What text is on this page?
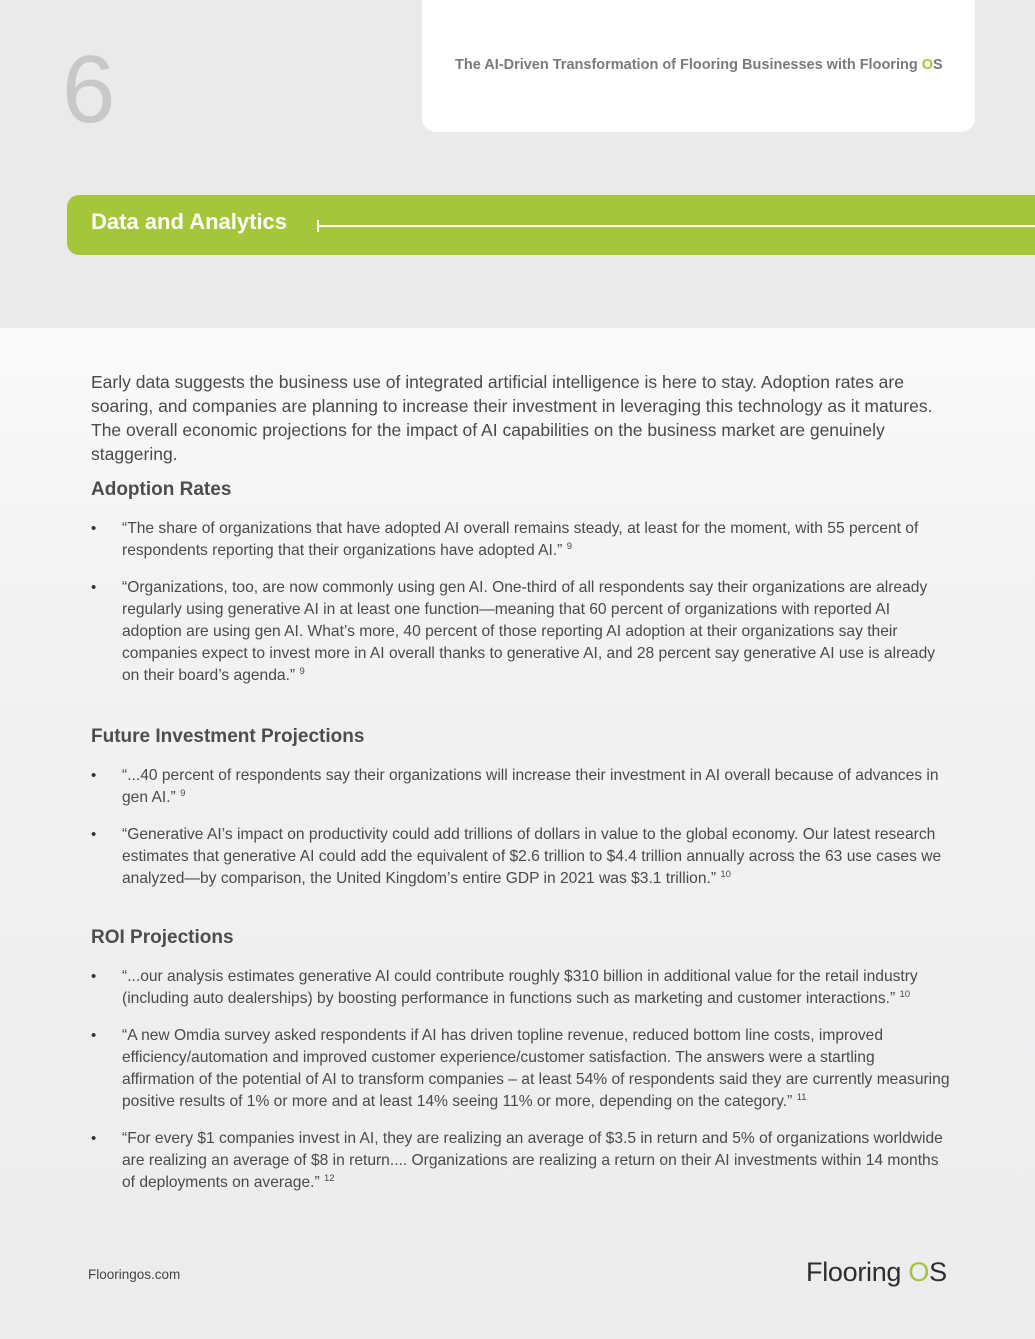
6	The AI-Driven Transformation of Flooring Businesses with Flooring OS
Data and Analytics
Early data suggests the business use of integrated artificial intelligence is here to stay. Adoption rates are soaring, and companies are planning to increase their investment in leveraging this technology as it matures. The overall economic projections for the impact of AI capabilities on the business market are genuinely staggering.
Adoption Rates
• “The share of organizations that have adopted AI overall remains steady, at least for the moment, with 55 percent of respondents reporting that their organizations have adopted AI.” $^9$
• “Organizations, too, are now commonly using gen AI. One-third of all respondents say their organizations are already regularly using generative AI in at least one function—meaning that 60 percent of organizations with reported AI adoption are using gen AI. What’s more, 40 percent of those reporting AI adoption at their organizations say their companies expect to invest more in AI overall thanks to generative AI, and 28 percent say generative AI use is already on their board’s agenda.” $^9$
Future Investment Projections
• “...40 percent of respondents say their organizations will increase their investment in AI overall because of advances in gen AI.” $^9$
• “Generative AI’s impact on productivity could add trillions of dollars in value to the global economy. Our latest research estimates that generative AI could add the equivalent of $2.6 trillion to $4.4 trillion annually across the 63 use cases we analyzed—by comparison, the United Kingdom’s entire GDP in 2021 was $3.1 trillion.” $^{10}$
ROI Projections
• “...our analysis estimates generative AI could contribute roughly $310 billion in additional value for the retail industry (including auto dealerships) by boosting performance in functions such as marketing and customer interactions.” $^{10}$
• “A new Omdia survey asked respondents if AI has driven topline revenue, reduced bottom line costs, improved efficiency/automation and improved customer experience/customer satisfaction. The answers were a startling affirmation of the potential of AI to transform companies – at least 54% of respondents said they are currently measuring positive results of 1% or more and at least 14% seeing 11% or more, depending on the category.” $^{11}$
• “For every $1 companies invest in AI, they are realizing an average of $3.5 in return and 5% of organizations worldwide are realizing an average of $8 in return.... Organizations are realizing a return on their AI investments within 14 months of deployments on average.” $^{12}$
Flooringos.com	Flooring OS
